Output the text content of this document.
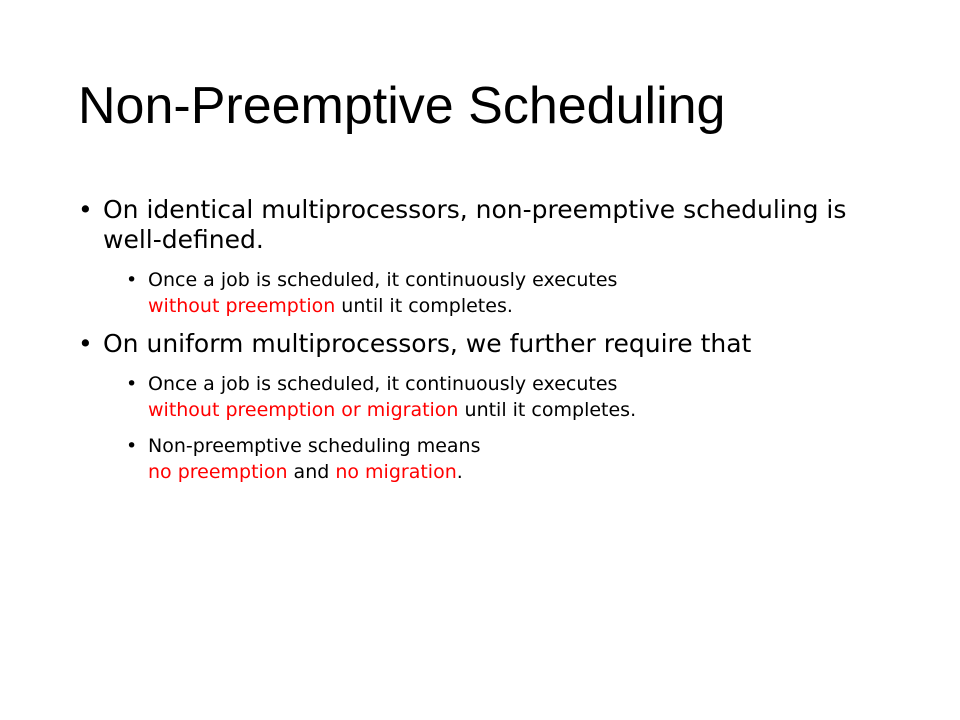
Non-Preemptive Scheduling
• On identical multiprocessors, non-preemptive scheduling is well-defined.
• Once a job is scheduled, it continuously executes
without preemption until it completes.
• On uniform multiprocessors, we further require that
• Once a job is scheduled, it continuously executes
without preemption or migration until it completes.
• Non-preemptive scheduling means
no preemption and no migration.
